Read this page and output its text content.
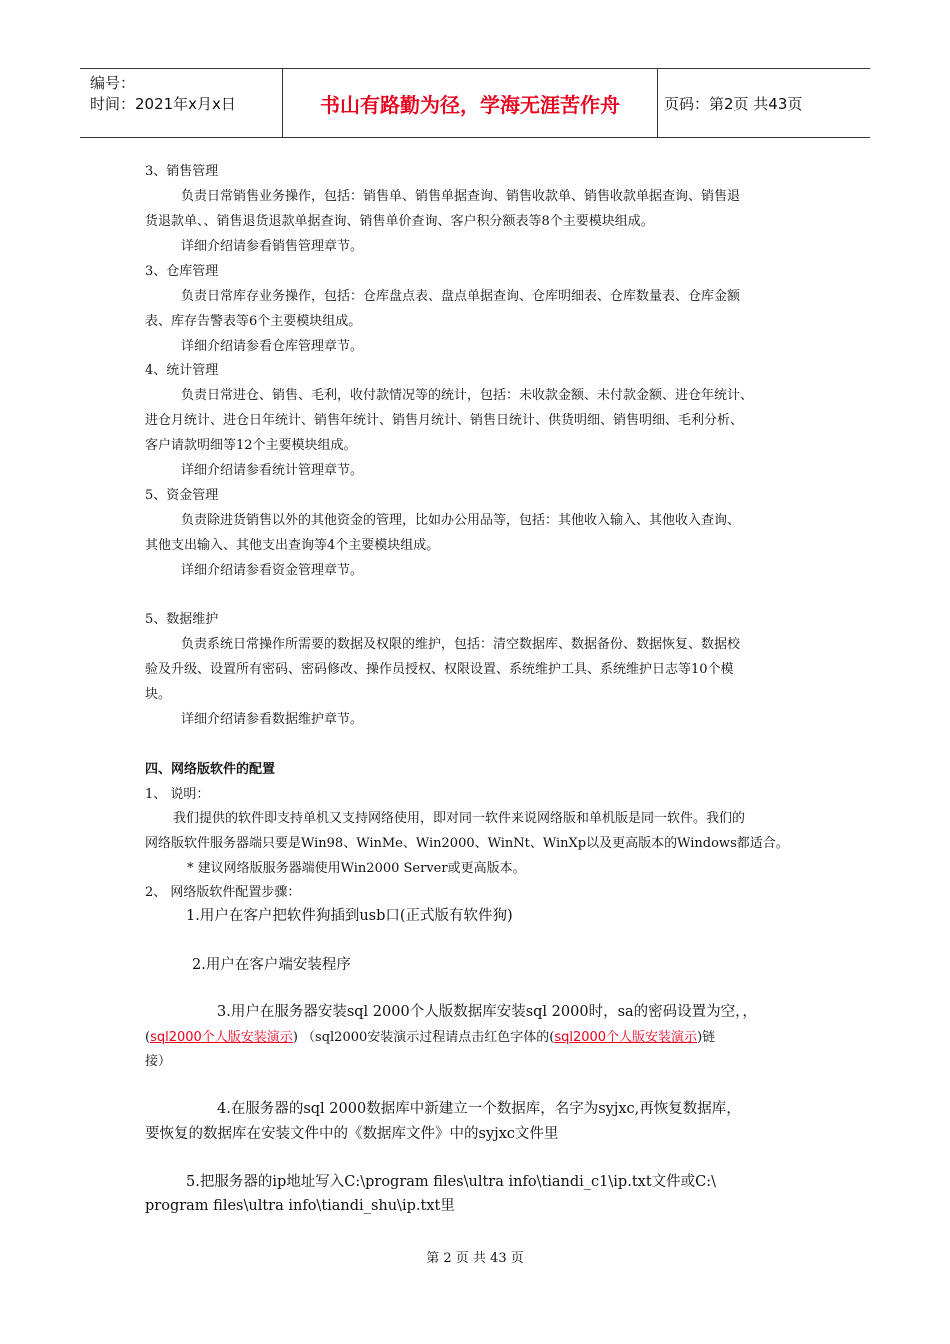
编号：
时间：2021年x月x日	书山有路勤为径，学海无涯苦作舟	页码：第2页 共43页
3、销售管理
负责日常销售业务操作，包括：销售单、销售单据查询、销售收款单、销售收款单据查询、销售退
货退款单、、销售退货退款单据查询、销售单价查询、客户积分额表等8个主要模块组成。
详细介绍请参看销售管理章节。
3、仓库管理
负责日常库存业务操作，包括：仓库盘点表、盘点单据查询、仓库明细表、仓库数量表、仓库金额
表、库存告警表等6个主要模块组成。
详细介绍请参看仓库管理章节。
4、统计管理
负责日常进仓、销售、毛利，收付款情况等的统计，包括：未收款金额、未付款金额、进仓年统计、
进仓月统计、进仓日年统计、销售年统计、销售月统计、销售日统计、供货明细、销售明细、毛利分析、
客户请款明细等12个主要模块组成。
详细介绍请参看统计管理章节。
5、资金管理
负责除进货销售以外的其他资金的管理，比如办公用品等，包括：其他收入输入、其他收入查询、
其他支出输入、其他支出查询等4个主要模块组成。
详细介绍请参看资金管理章节。
5、数据维护
负责系统日常操作所需要的数据及权限的维护，包括：清空数据库、数据备份、数据恢复、数据校
验及升级、设置所有密码、密码修改、操作员授权、权限设置、系统维护工具、系统维护日志等10个模
块。
详细介绍请参看数据维护章节。
四、网络版软件的配置
1、 说明：
我们提供的软件即支持单机又支持网络使用，即对同一软件来说网络版和单机版是同一软件。我们的
网络版软件服务器端只要是Win98、WinMe、Win2000、WinNt、WinXp以及更高版本的Windows都适合。
* 建议网络版服务器端使用Win2000 Server或更高版本。
2、 网络版软件配置步骤：
1.用户在客户把软件狗插到usb口(正式版有软件狗)
2.用户在客户端安装程序
3.用户在服务器安装sql 2000个人版数据库安装sql 2000时，sa的密码设置为空，，
(sql2000个人版安装演示) （sql2000安装演示过程请点击红色字体的(sql2000个人版安装演示)链
接）
4.在服务器的sql 2000数据库中新建立一个数据库，名字为syjxc,再恢复数据库，
要恢复的数据库在安装文件中的《数据库文件》中的syjxc文件里
5.把服务器的ip地址写入C:\program files\ultra info\tiandi_c1\ip.txt文件或C:\
program files\ultra info\tiandi_shu\ip.txt里
第 2 页 共 43 页
